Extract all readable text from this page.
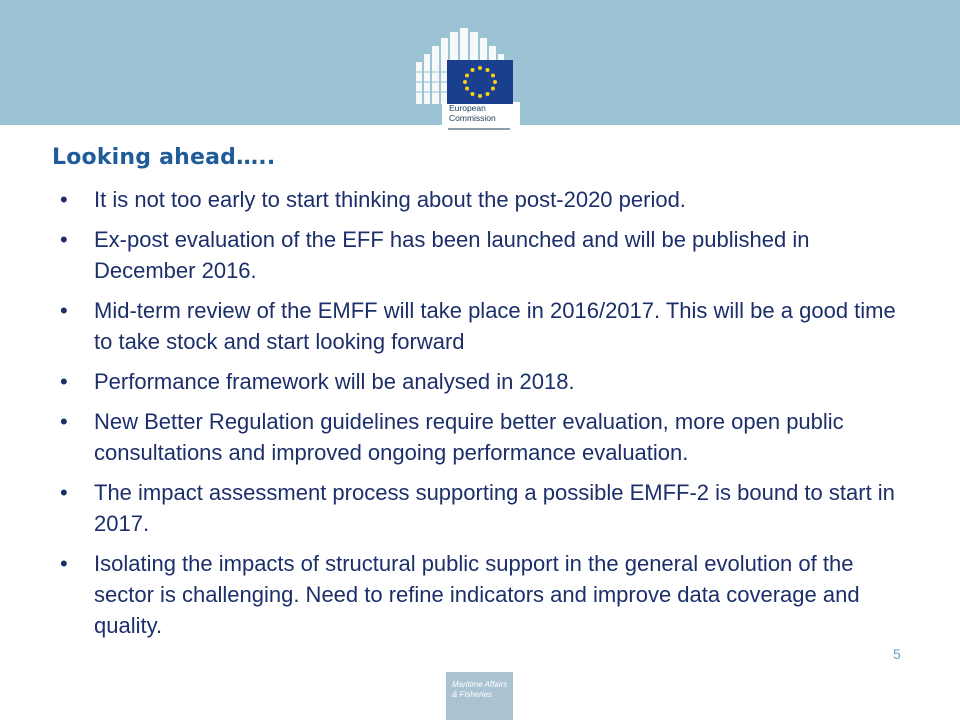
European
Commission
Looking ahead…..
• It is not too early to start thinking about the post-2020 period.
• Ex-post evaluation of the EFF has been launched and will be published in December 2016.
• Mid-term review of the EMFF will take place in 2016/2017. This will be a good time to take stock and start looking forward
• Performance framework will be analysed in 2018.
• New Better Regulation guidelines require better evaluation, more open public consultations and improved ongoing performance evaluation.
• The impact assessment process supporting a possible EMFF-2 is bound to start in 2017.
• Isolating the impacts of structural public support in the general evolution of the sector is challenging. Need to refine indicators and improve data coverage and quality.
5
Maritime Affairs
& Fisheries
